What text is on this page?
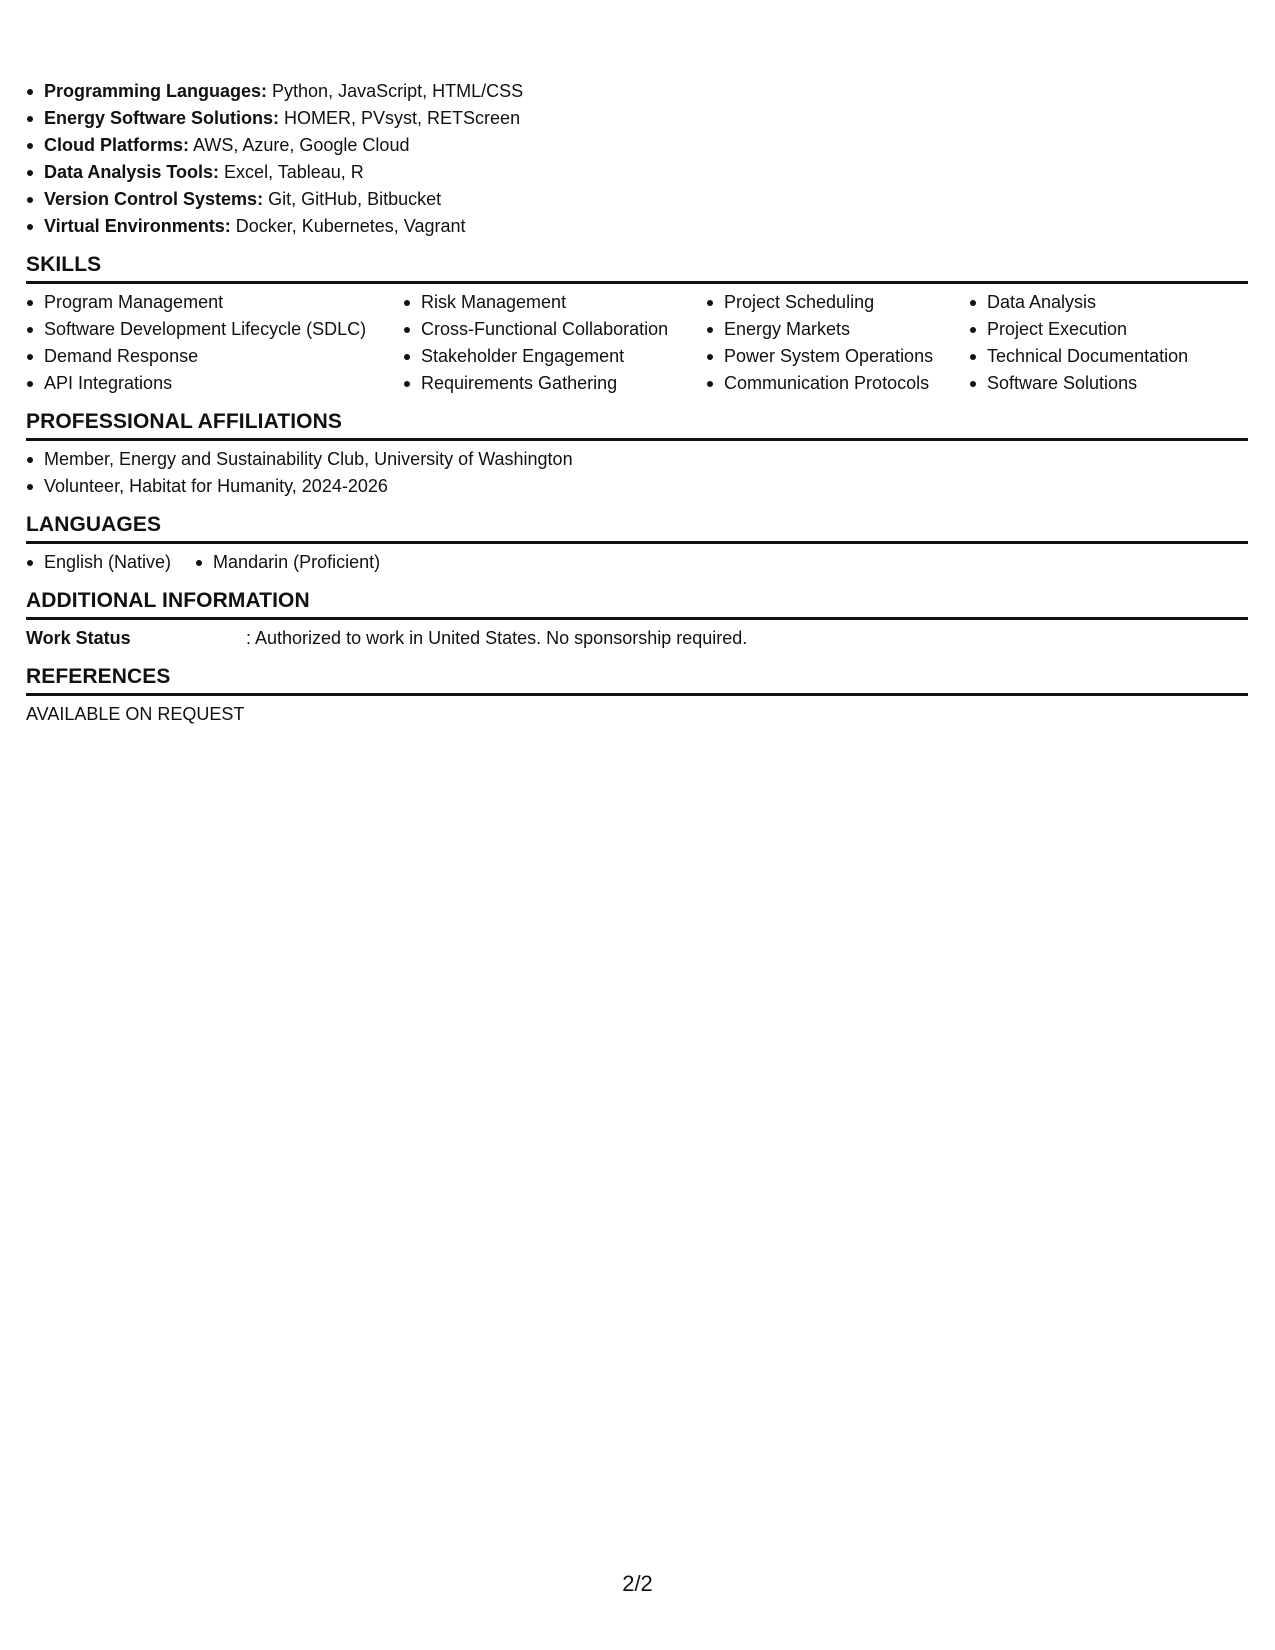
Programming Languages: Python, JavaScript, HTML/CSS
Energy Software Solutions: HOMER, PVsyst, RETScreen
Cloud Platforms: AWS, Azure, Google Cloud
Data Analysis Tools: Excel, Tableau, R
Version Control Systems: Git, GitHub, Bitbucket
Virtual Environments: Docker, Kubernetes, Vagrant
SKILLS
Program Management
Software Development Lifecycle (SDLC)
Demand Response
API Integrations
Risk Management
Cross-Functional Collaboration
Stakeholder Engagement
Requirements Gathering
Project Scheduling
Energy Markets
Power System Operations
Communication Protocols
Data Analysis
Project Execution
Technical Documentation
Software Solutions
PROFESSIONAL AFFILIATIONS
Member, Energy and Sustainability Club, University of Washington
Volunteer, Habitat for Humanity, 2024-2026
LANGUAGES
English (Native)	Mandarin (Proficient)
ADDITIONAL INFORMATION
Work Status	: Authorized to work in United States. No sponsorship required.
REFERENCES
AVAILABLE ON REQUEST
2/2
